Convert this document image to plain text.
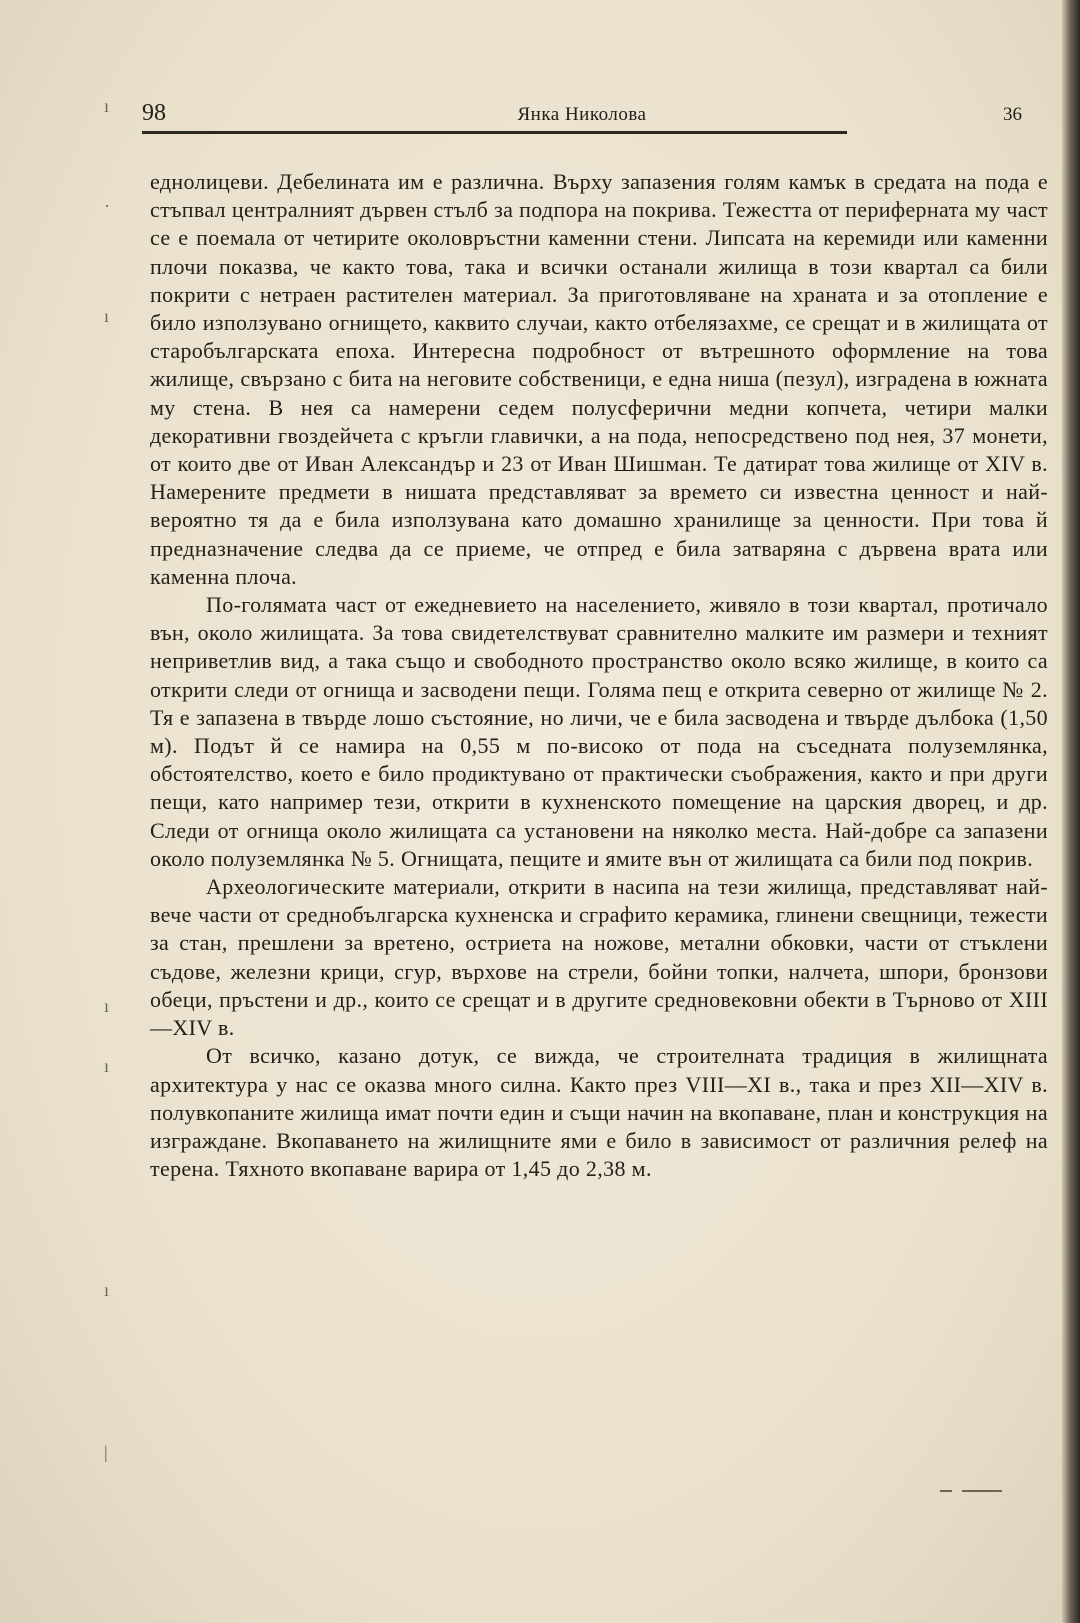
98	Янка Николова	36
ı
·
ı
ı
ı
ı
|

еднолицеви. Дебелината им е различна. Върху запазения голям камък в средата на пода е стъпвал централният дървен стълб за подпора на покрива. Тежестта от периферната му част се е поемала от четирите околовръстни каменни стени. Липсата на керемиди или каменни плочи показва, че както това, така и всички останали жилища в този квартал са били покрити с нетраен растителен материал. За приготовляване на храната и за отопление е било използувано огнището, каквито случаи, както отбелязахме, се срещат и в жилищата от старобългарската епоха. Интересна подробност от вътрешното оформление на това жилище, свързано с бита на неговите собственици, е една ниша (пезул), изградена в южната му стена. В нея са намерени седем полусферични медни копчета, четири малки декоративни гвоздейчета с кръгли главички, а на пода, непосредствено под нея, 37 монети, от които две от Иван Александър и 23 от Иван Шишман. Те датират това жилище от XIV в. Намерените предмети в нишата представляват за времето си известна ценност и най-вероятно тя да е била използувана като домашно хранилище за ценности. При това й предназначение следва да се приеме, че отпред е била затваряна с дървена врата или каменна плоча.

По-голямата част от ежедневието на населението, живяло в този квартал, протичало вън, около жилищата. За това свидетелствуват сравнително малките им размери и техният неприветлив вид, а така също и свободното пространство около всяко жилище, в които са открити следи от огнища и засводени пещи. Голяма пещ е открита северно от жилище № 2. Тя е запазена в твърде лошо състояние, но личи, че е била засводена и твърде дълбока (1,50 м). Подът й се намира на 0,55 м по-високо от пода на съседната полуземлянка, обстоятелство, което е било продиктувано от практически съображения, както и при други пещи, като например тези, открити в кухненското помещение на царския дворец, и др. Следи от огнища около жилищата са установени на няколко места. Най-добре са запазени около полуземлянка № 5. Огнищата, пещите и ямите вън от жилищата са били под покрив.

Археологическите материали, открити в насипа на тези жилища, представляват най-вече части от среднобългарска кухненска и сграфито керамика, глинени свещници, тежести за стан, прешлени за вретено, остриета на ножове, метални обковки, части от стъклени съдове, железни крици, сгур, върхове на стрели, бойни топки, налчета, шпори, бронзови обеци, пръстени и др., които се срещат и в другите средновековни обекти в Търново от XIII—XIV в.

От всичко, казано дотук, се вижда, че строителната традиция в жилищната архитектура у нас се оказва много силна. Както през VIII—XI в., така и през XII—XIV в. полувкопаните жилища имат почти един и същи начин на вкопаване, план и конструкция на изграждане. Вкопаването на жилищните ями е било в зависимост от различния релеф на терена. Тяхното вкопаване варира от 1,45 до 2,38 м.
